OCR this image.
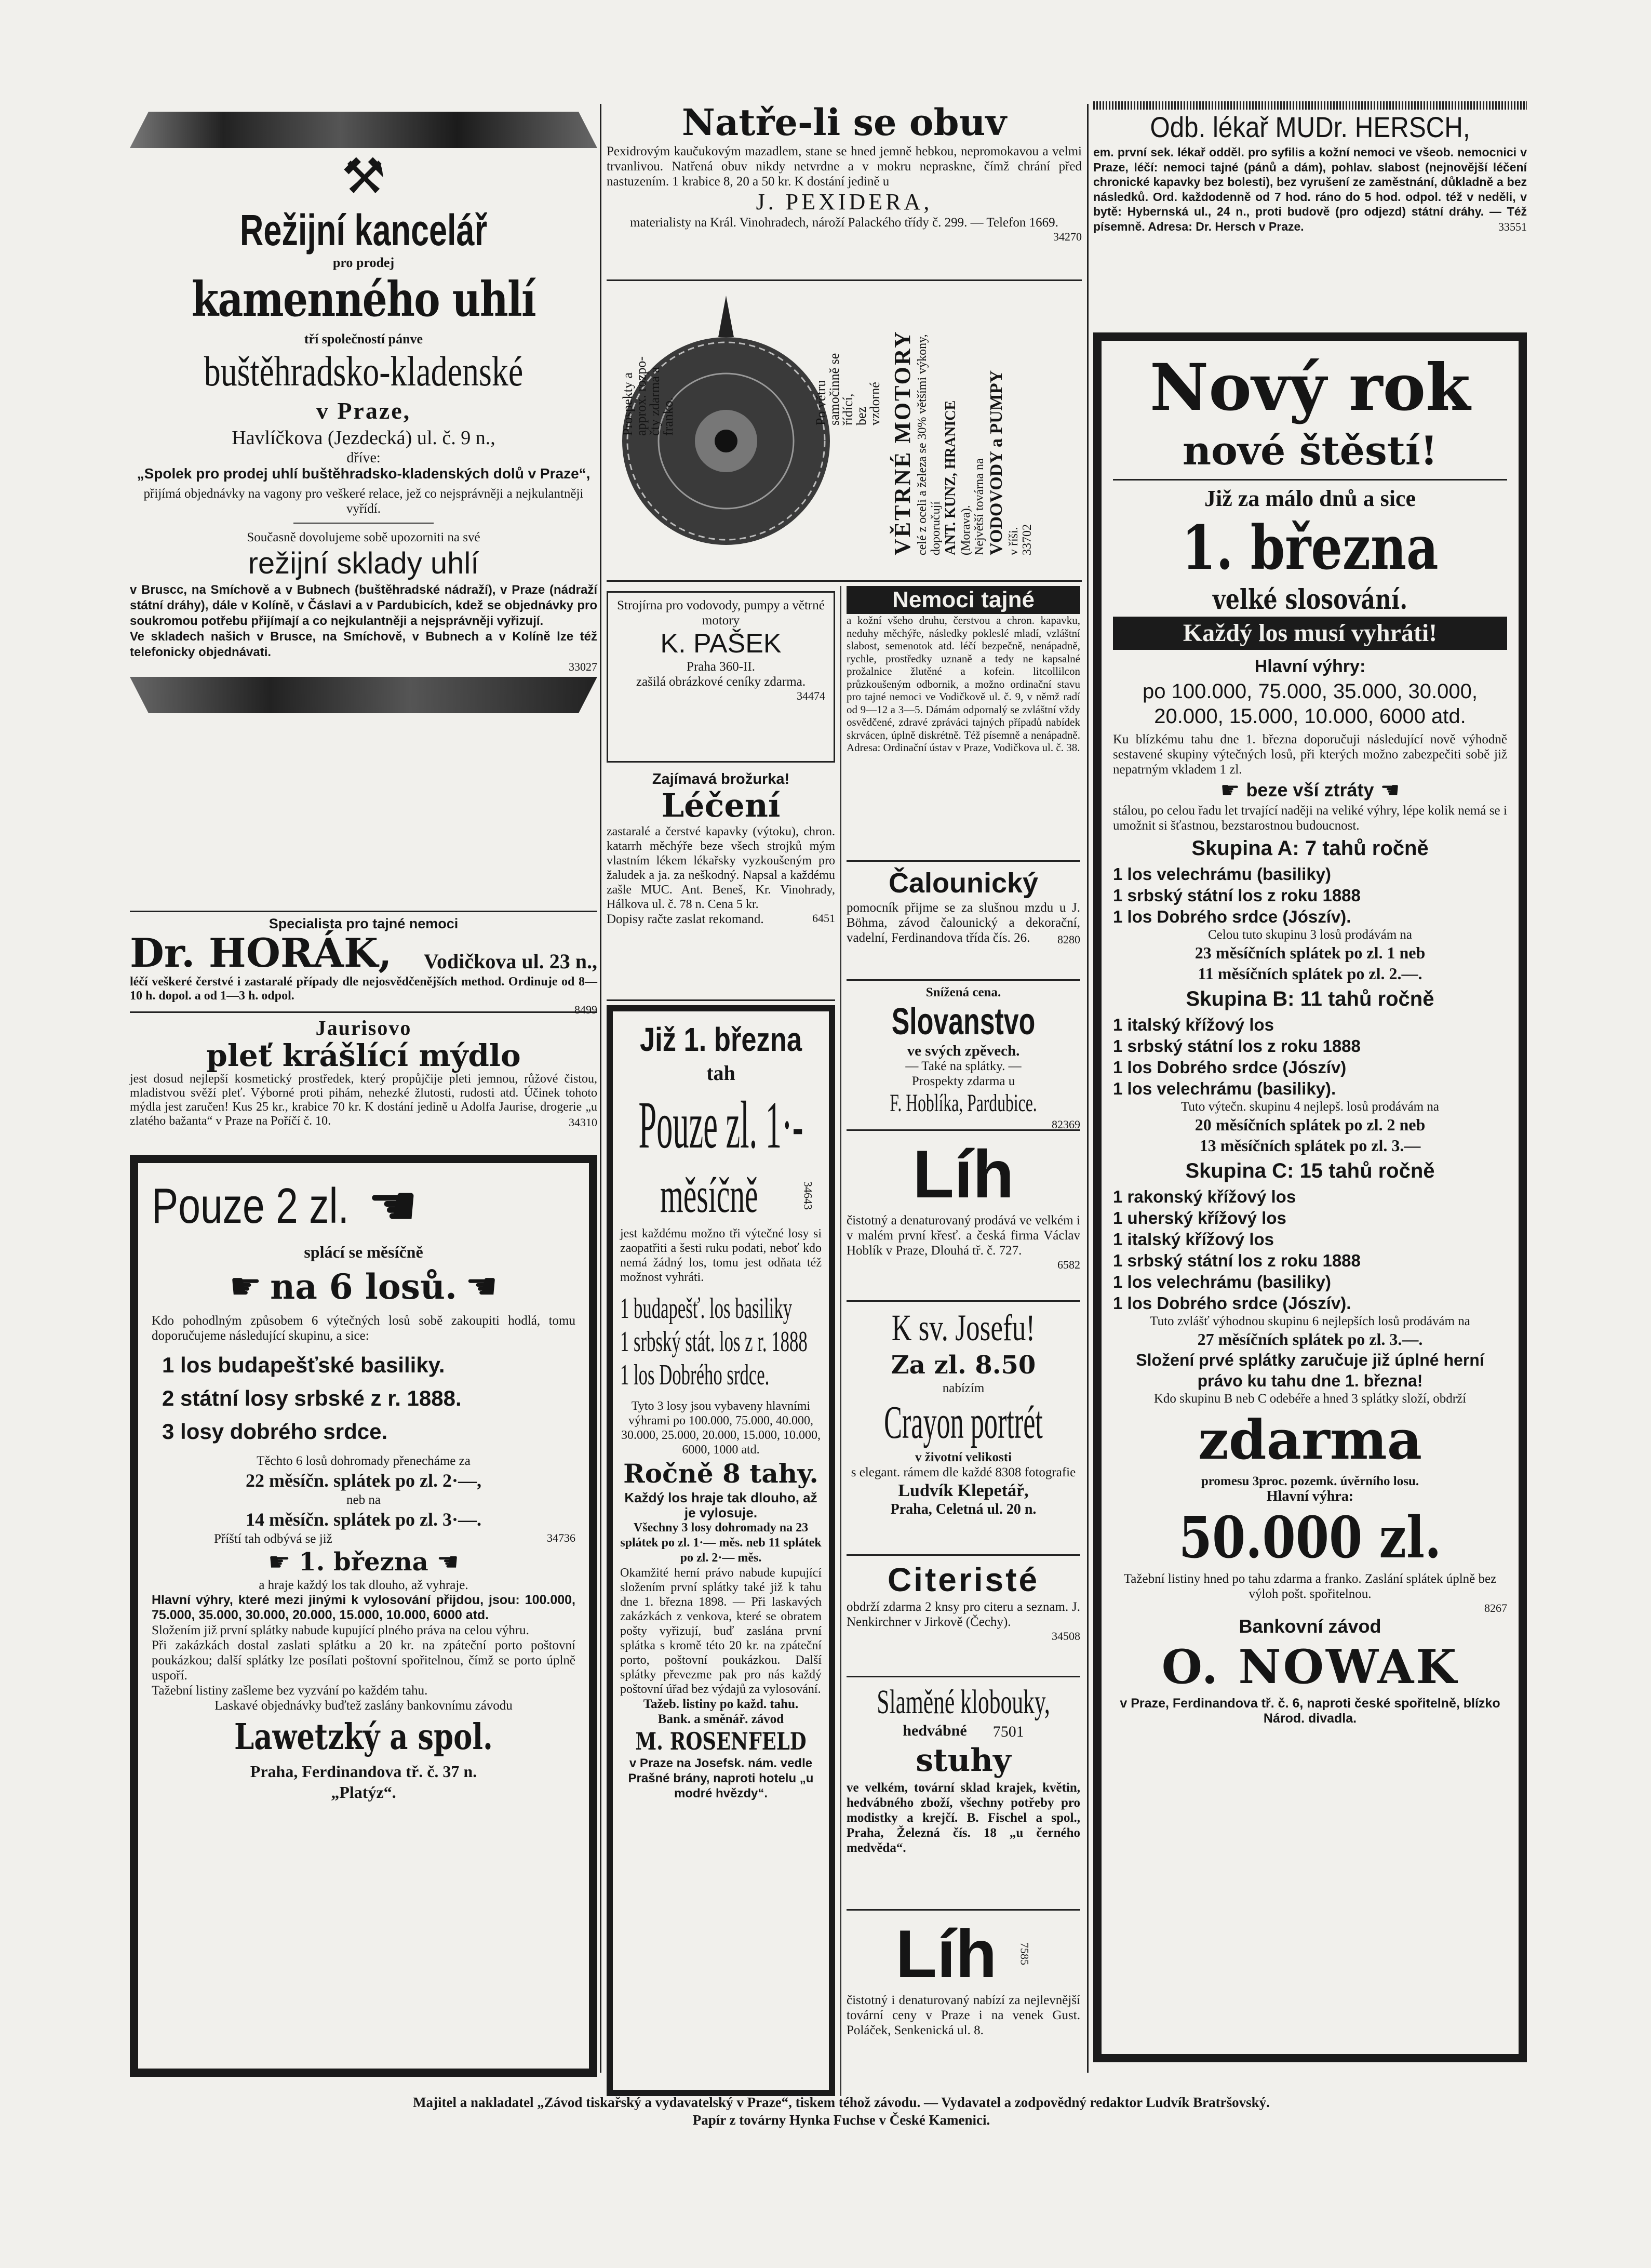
⚒
Režijní kancelář
pro prodej
kamenného uhlí
tří společností pánve
buštěhradsko-kladenské
v Praze,
Havlíčkova (Jezdecká) ul. č. 9 n.,
dříve:
„Spolek pro prodej uhlí buštěhradsko-kladenských dolů v Praze“,
přijímá objednávky na vagony pro veškeré relace, jež co nejsprávněji a nejkulantněji vyřídí.
Současně dovolujeme sobě upozorniti na své
režijní sklady uhlí
v Bruscc, na Smíchově a v Bubnech (buštěhradské nádraží), v Praze (nádraží státní dráhy), dále v Kolíně, v Čáslavi a v Pardubicích, kdež se objednávky pro soukromou potřebu přijímají a co nejkulantněji a nejsprávněji vyřizují.
Ve skladech našich v Brusce, na Smíchově, v Bubnech a v Kolíně lze též telefonicky objednávati.
33027
Specialista pro tajné nemoci
Dr. HORÁK, Vodičkova ul. 23 n.,
léčí veškeré čerstvé i zastaralé případy dle nejosvědčenějších method. Ordinuje od 8—10 h. dopol. a od 1—3 h. odpol.
8499
Jaurisovo
pleť krášlící mýdlo
jest dosud nejlepší kosmetický prostředek, který propůjčije pleti jemnou, růžové čistou, mladistvou svěží pleť. Výborné proti pihám, nehezké žlutosti, rudosti atd. Účinek tohoto mýdla jest zaručen! Kus 25 kr., krabice 70 kr. K dostání jedině u Adolfa Jaurise, drogerie „u zlatého bažanta“ v Praze na Poříčí č. 10.	34310
Pouze 2 zl. ☚
splácí se měsíčně
☛ na 6 losů. ☚
Kdo pohodlným způsobem 6 výtečných losů sobě zakoupiti hodlá, tomu doporučujeme následující skupinu, a sice:
1 los budapešťské basiliky.
2 státní losy srbské z r. 1888.
3 losy dobrého srdce.
Těchto 6 losů dohromady přenecháme za
22 měsíčn. splátek po zl. 2·—,
neb na
14 měsíčn. splátek po zl. 3·—.
Příští tah odbývá se již	34736
☛ 1. března ☚
a hraje každý los tak dlouho, až vyhraje.
Hlavní výhry, které mezi jinými k vylosování přijdou, jsou: 100.000, 75.000, 35.000, 30.000, 20.000, 15.000, 10.000, 6000 atd.
Složením již první splátky nabude kupující plného práva na celou výhru.
Při zakázkách dostal zaslati splátku a 20 kr. na zpáteční porto poštovní poukázkou; další splátky lze posílati poštovní spořitelnou, čímž se porto úplně uspoří.
Tažební listiny zašleme bez vyzvání po každém tahu.
Laskavé objednávky buďtež zaslány bankovnímu závodu
Lawetzký a spol.
Praha, Ferdinandova tř. č. 37 n.
„Platýz“.
Natře-li se obuv
Pexidrovým kaučukovým mazadlem, stane se hned jemně hebkou, nepromokavou a velmi trvanlivou. Natřená obuv nikdy netvrdne a v mokru nepraskne, čímž chrání před nastuzením. 1 krabice 8, 20 a 50 kr. K dostání jedině u
J. PEXIDERA,
materialisty na Král. Vinohradech, nároží Palackého třídy č. 299. — Telefon 1669.
34270
Prospekty a
approx. rozpo-
čty zdarma a
franko.	Po větru
samočinně se
řídící,
bez
vzdorné VĚTRNÉ MOTORY celé z oceli a železa se 30% většími výkony, doporučují ANT. KUNZ, HRANICE (Morava). Největší továrna na VODOVODY a PUMPY v říši. 33702
Strojírna pro vodovody, pumpy a větrné motory
K. PAŠEK
Praha 360-II.
zašilá obrázkové ceníky zdarma.
34474
Zajímavá brožurka!
Léčení
zastaralé a čerstvé kapavky (výtoku), chron. katarrh měchýře beze všech strojků mým vlastním lékem lékařsky vyzkoušeným pro žaludek a ja. za neškodný. Napsal a každému zašle MUC. Ant. Beneš, Kr. Vinohrady, Hálkova ul. č. 78 n. Cena 5 kr.
Dopisy račte zaslat rekomand.	6451
Již 1. března
tah
Pouze zl. 1·-
měsíčně	34643
jest každému možno tři výtečné losy si zaopatřiti a šesti ruku podati, neboť kdo nemá žádný los, tomu jest odňata též možnost vyhráti.
1 budapešť. los basiliky
1 srbský stát. los z r. 1888
1 los Dobrého srdce.
Tyto 3 losy jsou vybaveny hlavními výhrami po 100.000, 75.000, 40.000, 30.000, 25.000, 20.000, 15.000, 10.000, 6000, 1000 atd.
Ročně 8 tahy.
Každý los hraje tak dlouho, až je vylosuje.
Všechny 3 losy dohromady na 23 splátek po zl. 1·— měs. neb 11 splátek po zl. 2·— měs.
Okamžité herní právo nabude kupující složením první splátky také již k tahu dne 1. března 1898. — Při laskavých zakázkách z venkova, které se obratem pošty vyřizují, buď zaslána první splátka s kromě této 20 kr. na zpáteční porto, poštovní poukázkou. Další splátky převezme pak pro nás každý poštovní úřad bez výdajů za vylosování.
Tažeb. listiny po každ. tahu.
Bank. a směnář. závod
M. ROSENFELD
v Praze na Josefsk. nám. vedle Prašné brány, naproti hotelu „u modré hvězdy“.
Nemoci tajné
a kožní všeho druhu, čerstvou a chron. kapavku, neduhy měchýře, následky pokleslé mladí, vzláštní slabost, semenotok atd. léčí bezpečně, nenápadně, rychle, prostředky uznaně a tedy ne kapsalné prožalnice žlutěné a kofein. litcollilcon průzkoušeným odbornik, a možno ordinační stavu pro tajné nemoci ve Vodičkově ul. č. 9, v němž radí od 9—12 a 3—5. Dámám odpornalý se zvláštní vždy osvědčené, zdravé zpráváci tajných případů nabídek skrvácen, úplně diskrétně. Též písemně a nenápadně. Adresa: Ordinační ústav v Praze, Vodičkova ul. č. 38.
Čalounický
pomocník přijme se za slušnou mzdu u J. Böhma, závod čalounický a dekorační, vadelní, Ferdinandova třída čís. 26.	8280
Snížená cena.
Slovanstvo
ve svých zpěvech.
— Také na splátky. —
Prospekty zdarma u
F. Hoblíka, Pardubice.
82369
Líh
čistotný a denaturovaný prodává ve velkém i v malém první křesť. a česká firma Václav Hoblík v Praze, Dlouhá tř. č. 727.
6582
K sv. Josefu!
Za zl. 8.50
nabízím
Crayon portrét
v životní velikosti
s elegant. rámem dle každé 8308 fotografie
Ludvík Klepetář,
Praha, Celetná ul. 20 n.
Citeristé
obdrží zdarma 2 knsy pro citeru a seznam. J. Nenkirchner v Jirkově (Čechy).
34508
Slaměné klobouky,
hedvábné 7501
stuhy
ve velkém, tovární sklad krajek, květin, hedvábného zboží, všechny potřeby pro modistky a krejčí. B. Fischel a spol., Praha, Železná čís. 18 „u černého medvěda“.
Líh 7585
čistotný i denaturovaný nabízí za nejlevnější tovární ceny v Praze i na venek Gust. Poláček, Senkenická ul. 8.
Odb. lékař MUDr. HERSCH,
em. první sek. lékař odděl. pro syfilis a kožní nemoci ve všeob. nemocnici v Praze, léčí: nemoci tajné (pánů a dám), pohlav. slabost (nejnovější léčení chronické kapavky bez bolesti), bez vyrušení ze zaměstnání, důkladně a bez následků. Ord. každodenně od 7 hod. ráno do 5 hod. odpol. též v neděli, v bytě: Hybernská ul., 24 n., proti budově (pro odjezd) státní dráhy. — Též písemně. Adresa: Dr. Hersch v Praze.	33551
Nový rok
nové štěstí!
Již za málo dnů a sice
1. března
velké slosování.
Každý los musí vyhráti!
Hlavní výhry:
po 100.000, 75.000, 35.000, 30.000, 20.000, 15.000, 10.000, 6000 atd.
Ku blízkému tahu dne 1. března doporučuji následující nově výhodně sestavené skupiny výtečných losů, při kterých možno zabezpečiti sobě již nepatrným vkladem 1 zl.
☛ beze vší ztráty ☚
stálou, po celou řadu let trvající naději na veliké výhry, lépe kolik nemá se i umožnit si šťastnou, bezstarostnou budoucnost.
Skupina A: 7 tahů ročně
1 los velechrámu (basiliky)
1 srbský státní los z roku 1888
1 los Dobrého srdce (Jószív).
Celou tuto skupinu 3 losů prodávám na
23 měsíčních splátek po zl. 1 neb
11 měsíčních splátek po zl. 2.—.
Skupina B: 11 tahů ročně
1 italský křížový los
1 srbský státní los z roku 1888
1 los Dobrého srdce (Jószív)
1 los velechrámu (basiliky).
Tuto výtečn. skupinu 4 nejlepš. losů prodávám na
20 měsíčních splátek po zl. 2 neb
13 měsíčních splátek po zl. 3.—
Skupina C: 15 tahů ročně
1 rakonský křížový los
1 uherský křížový los
1 italský křížový los
1 srbský státní los z roku 1888
1 los velechrámu (basiliky)
1 los Dobrého srdce (Jószív).
Tuto zvlášť výhodnou skupinu 6 nejlepších losů prodávám na
27 měsíčních splátek po zl. 3.—.
Složení prvé splátky zaručuje již úplné herní právo ku tahu dne 1. března!
Kdo skupinu B neb C odebéře a hned 3 splátky složí, obdrží
zdarma
promesu 3proc. pozemk. úvěrního losu.
Hlavní výhra:
50.000 zl.
Tažební listiny hned po tahu zdarma a franko. Zaslání splátek úplně bez výloh pošt. spořitelnou.
8267
Bankovní závod
O. NOWAK
v Praze, Ferdinandova tř. č. 6, naproti české spořitelně, blízko Národ. divadla.
Majitel a nakladatel „Závod tiskařský a vydavatelský v Praze“, tiskem téhož závodu. — Vydavatel a zodpovědný redaktor Ludvík Bratršovský.
Papír z továrny Hynka Fuchse v České Kamenici.
